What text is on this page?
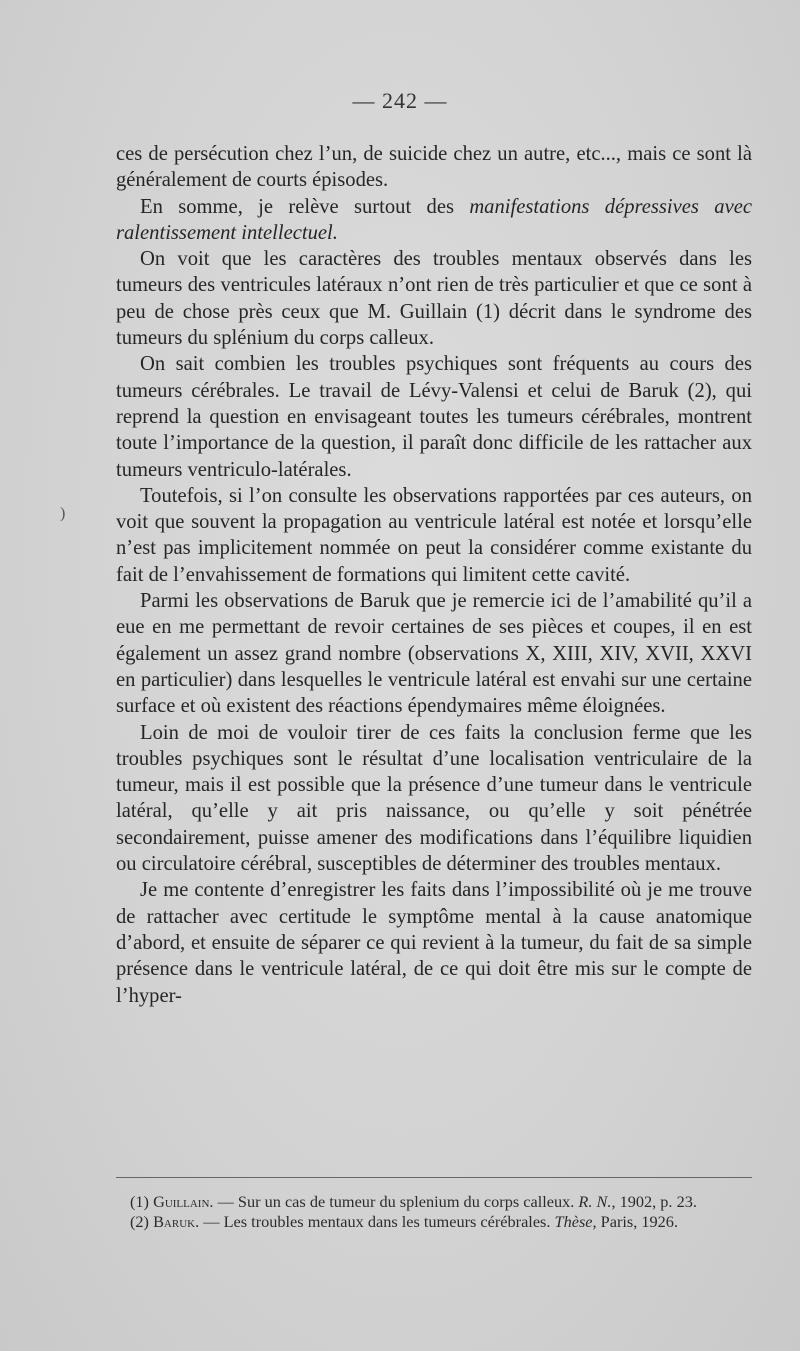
— 242 —
)

ces de persécution chez l’un, de suicide chez un autre, etc..., mais ce sont là généralement de courts épisodes.

En somme, je relève surtout des manifestations dépressives avec ralentissement intellectuel.

On voit que les caractères des troubles mentaux observés dans les tumeurs des ventricules latéraux n’ont rien de très particulier et que ce sont à peu de chose près ceux que M. Guillain (1) décrit dans le syndrome des tumeurs du splénium du corps calleux.

On sait combien les troubles psychiques sont fréquents au cours des tumeurs cérébrales. Le travail de Lévy-Valensi et celui de Baruk (2), qui reprend la question en envisageant toutes les tumeurs cérébrales, montrent toute l’importance de la question, il paraît donc difficile de les rattacher aux tumeurs ventriculo-latérales.

Toutefois, si l’on consulte les observations rapportées par ces auteurs, on voit que souvent la propagation au ventricule latéral est notée et lorsqu’elle n’est pas implicitement nommée on peut la considérer comme existante du fait de l’envahissement de formations qui limitent cette cavité.

Parmi les observations de Baruk que je remercie ici de l’amabilité qu’il a eue en me permettant de revoir certaines de ses pièces et coupes, il en est également un assez grand nombre (observations X, XIII, XIV, XVII, XXVI en particulier) dans lesquelles le ventricule latéral est envahi sur une certaine surface et où existent des réactions épendymaires même éloignées.

Loin de moi de vouloir tirer de ces faits la conclusion ferme que les troubles psychiques sont le résultat d’une localisation ventriculaire de la tumeur, mais il est possible que la présence d’une tumeur dans le ventricule latéral, qu’elle y ait pris naissance, ou qu’elle y soit pénétrée secondairement, puisse amener des modifications dans l’équilibre liquidien ou circulatoire cérébral, susceptibles de déterminer des troubles mentaux.

Je me contente d’enregistrer les faits dans l’impossibilité où je me trouve de rattacher avec certitude le symptôme mental à la cause anatomique d’abord, et ensuite de séparer ce qui revient à la tumeur, du fait de sa simple présence dans le ventricule latéral, de ce qui doit être mis sur le compte de l’hyper-

(1) Guillain. — Sur un cas de tumeur du splenium du corps calleux. R. N., 1902, p. 23.

(2) Baruk. — Les troubles mentaux dans les tumeurs cérébrales. Thèse, Paris, 1926.
